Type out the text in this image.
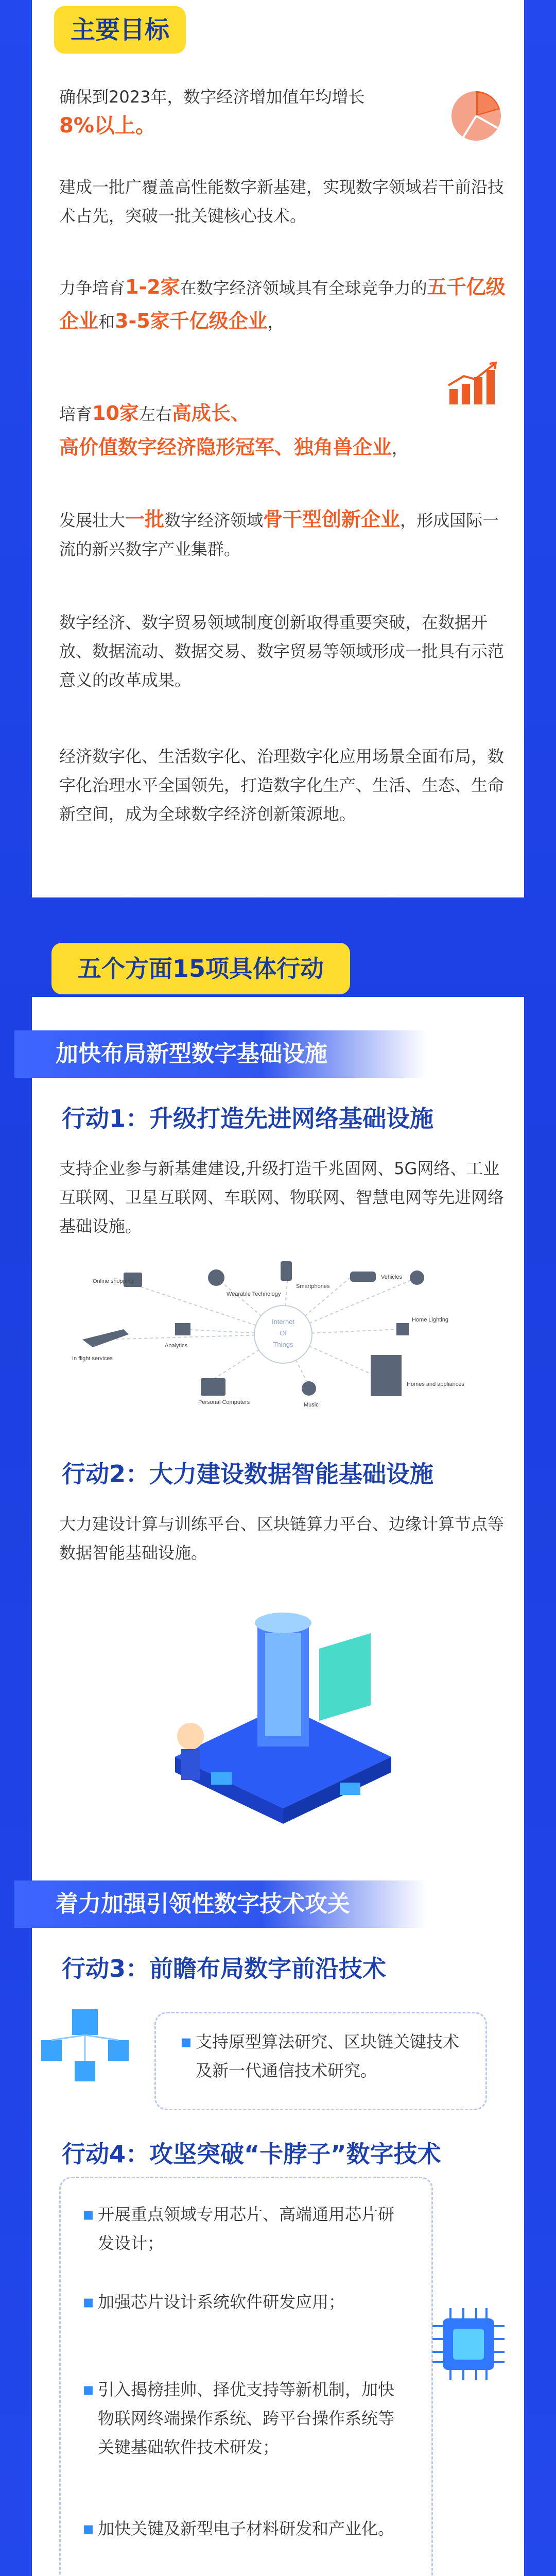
主要目标
确保到2023年，数字经济增加值年均增长
8%以上。
建成一批广覆盖高性能数字新基建，实现数字领域若干前沿技术占先，突破一批关键核心技术。
力争培育1-2家在数字经济领域具有全球竞争力的五千亿级企业和3-5家千亿级企业，
培育10家左右高成长、
高价值数字经济隐形冠军、独角兽企业，
发展壮大一批数字经济领域骨干型创新企业，形成国际一流的新兴数字产业集群。
数字经济、数字贸易领域制度创新取得重要突破，在数据开放、数据流动、数据交易、数字贸易等领域形成一批具有示范意义的改革成果。
经济数字化、生活数字化、治理数字化应用场景全面布局，数字化治理水平全国领先，打造数字化生产、生活、生态、生命新空间，成为全球数字经济创新策源地。
五个方面15项具体行动
加快布局新型数字基础设施
行动1：升级打造先进网络基础设施
支持企业参与新基建建设,升级打造千兆固网、5G网络、工业互联网、卫星互联网、车联网、物联网、智慧电网等先进网络基础设施。
Internet
Of
Things
Online shopping
Wearable Technology
Smartphones
Vehicles
Analytics
Home Lighting
In flight services
Music
Personal Computers
Homes and appliances
行动2：大力建设数据智能基础设施
大力建设计算与训练平台、区块链算力平台、边缘计算节点等数据智能基础设施。
着力加强引领性数字技术攻关
行动3：前瞻布局数字前沿技术
▪ 支持原型算法研究、区块链关键技术及新一代通信技术研究。
行动4：攻坚突破“卡脖子”数字技术
▪ 开展重点领域专用芯片、高端通用芯片研发设计；
▪ 加强芯片设计系统软件研发应用；
▪ 引入揭榜挂帅、择优支持等新机制，加快物联网终端操作系统、跨平台操作系统等关键基础软件技术研发；
▪ 加快关键及新型电子材料研发和产业化。
